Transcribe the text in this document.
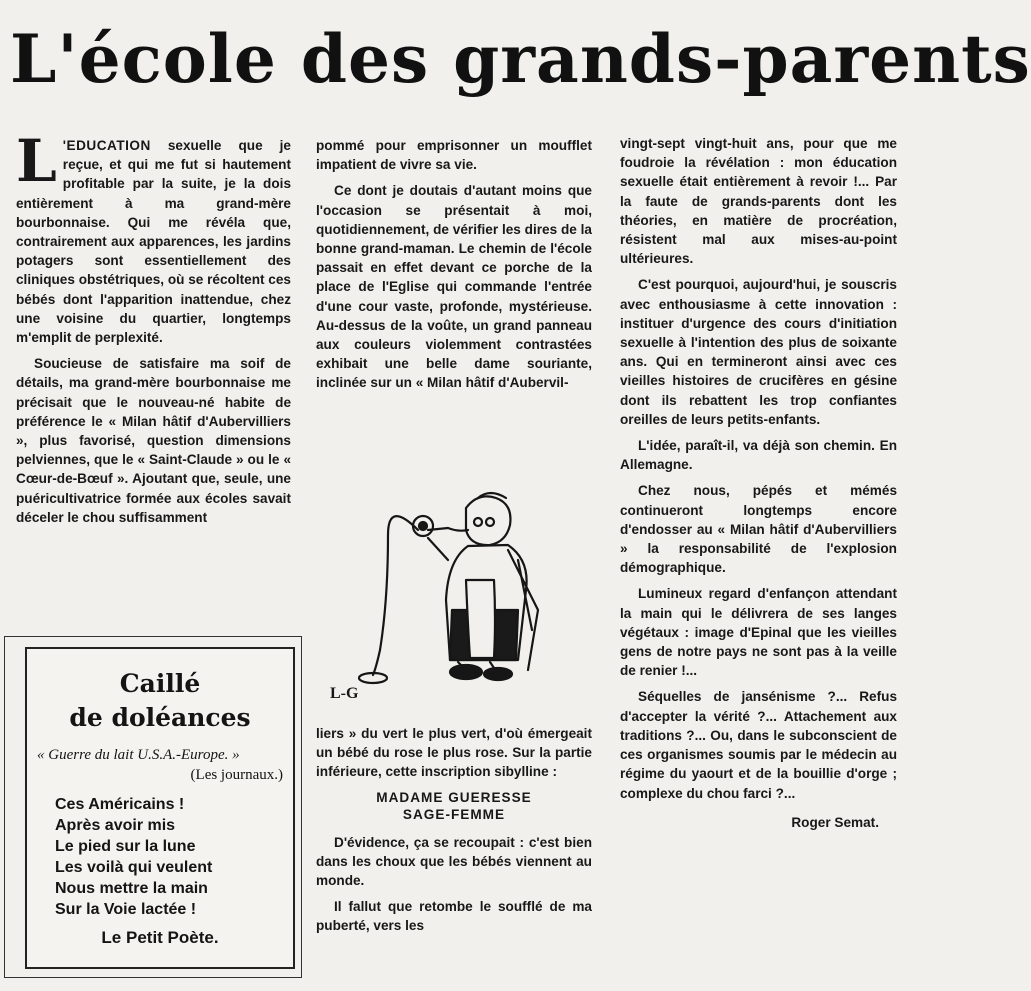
L'école des grands-parents

L 'EDUCATION sexuelle que je reçue, et qui me fut si hautement profitable par la suite, je la dois entièrement à ma grand-mère bourbonnaise. Qui me révéla que, contrairement aux apparences, les jardins potagers sont essentiellement des cliniques obstétriques, où se récoltent ces bébés dont l'apparition inattendue, chez une voisine du quartier, longtemps m'emplit de perplexité.

Soucieuse de satisfaire ma soif de détails, ma grand-mère bourbonnaise me précisait que le nouveau-né habite de préférence le « Milan hâtif d'Aubervilliers », plus favorisé, question dimensions pelviennes, que le « Saint-Claude » ou le « Cœur-de-Bœuf ». Ajoutant que, seule, une puéricultivatrice formée aux écoles savait déceler le chou suffisamment

pommé pour emprisonner un moufflet impatient de vivre sa vie.

Ce dont je doutais d'autant moins que l'occasion se présentait à moi, quotidiennement, de vérifier les dires de la bonne grand-maman. Le chemin de l'école passait en effet devant ce porche de la place de l'Eglise qui commande l'entrée d'une cour vaste, profonde, mystérieuse. Au-dessus de la voûte, un grand panneau aux couleurs violemment contrastées exhibait une belle dame souriante, inclinée sur un « Milan hâtif d'Aubervil-

L-G

liers » du vert le plus vert, d'où émergeait un bébé du rose le plus rose. Sur la partie inférieure, cette inscription sibylline :

MADAME GUERESSE
SAGE-FEMME

D'évidence, ça se recoupait : c'est bien dans les choux que les bébés viennent au monde.

Il fallut que retombe le soufflé de ma puberté, vers les

vingt-sept vingt-huit ans, pour que me foudroie la révélation : mon éducation sexuelle était entièrement à revoir !... Par la faute de grands-parents dont les théories, en matière de procréation, résistent mal aux mises-au-point ultérieures.

C'est pourquoi, aujourd'hui, je souscris avec enthousiasme à cette innovation : instituer d'urgence des cours d'initiation sexuelle à l'intention des plus de soixante ans. Qui en termineront ainsi avec ces vieilles histoires de crucifères en gésine dont ils rebattent les trop confiantes oreilles de leurs petits-enfants.

L'idée, paraît-il, va déjà son chemin. En Allemagne.

Chez nous, pépés et mémés continueront longtemps encore d'endosser au « Milan hâtif d'Aubervilliers » la responsabilité de l'explosion démographique.

Lumineux regard d'enfançon attendant la main qui le délivrera de ses langes végétaux : image d'Epinal que les vieilles gens de notre pays ne sont pas à la veille de renier !...

Séquelles de jansénisme ?... Refus d'accepter la vérité ?... Attachement aux traditions ?... Ou, dans le subconscient de ces organismes soumis par le médecin au régime du yaourt et de la bouillie d'orge ; complexe du chou farci ?...

Roger Semat.

Caillé
de doléances
« Guerre du lait U.S.A.-Europe. »
(Les journaux.)
Ces Américains !
Après avoir mis
Le pied sur la lune
Les voilà qui veulent
Nous mettre la main
Sur la Voie lactée !
Le Petit Poète.
